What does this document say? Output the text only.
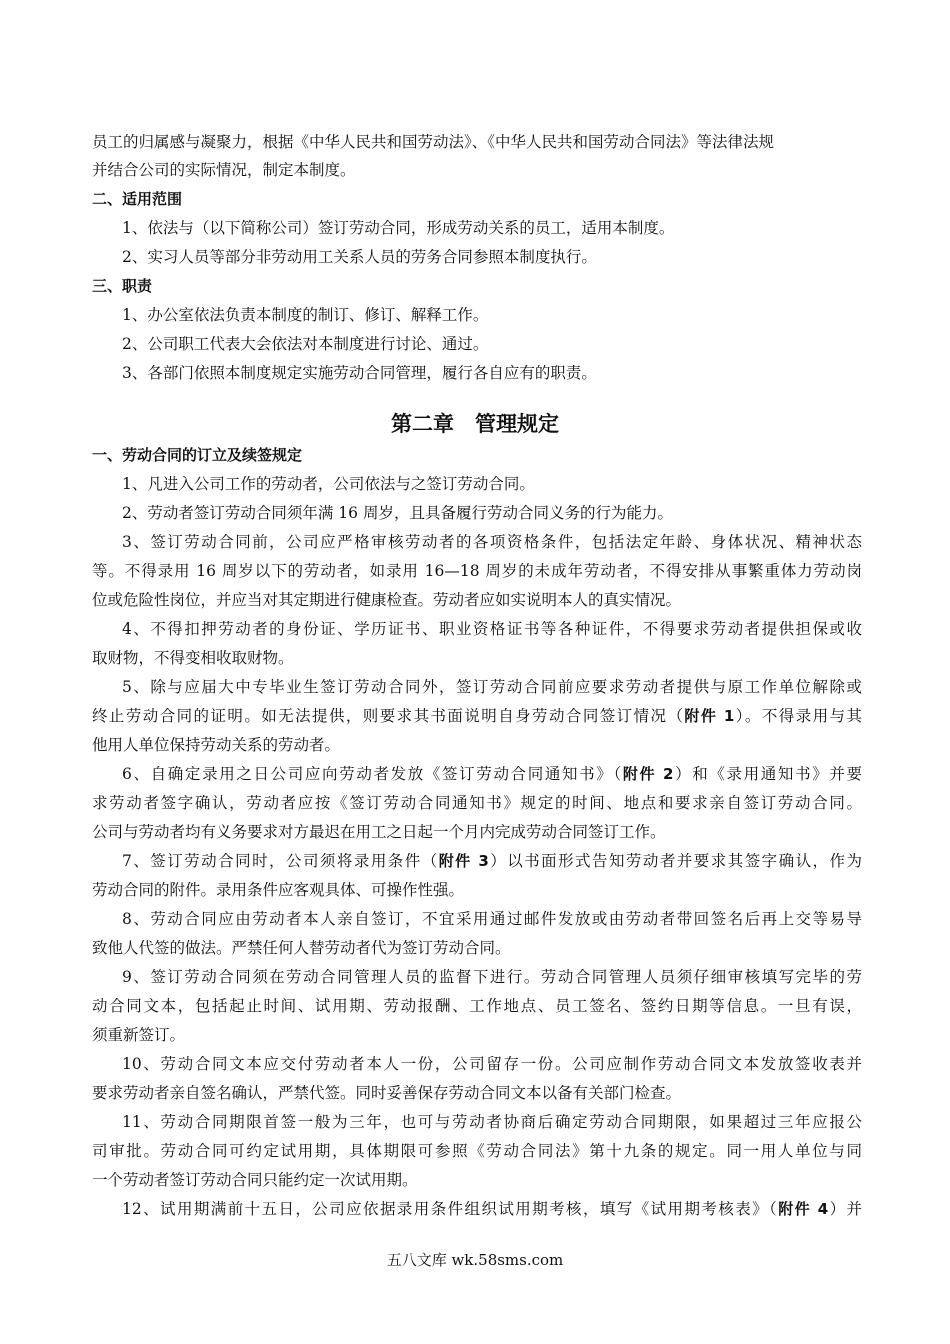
员工的归属感与凝聚力，根据《中华人民共和国劳动法》、《中华人民共和国劳动合同法》等法律法规
并结合公司的实际情况，制定本制度。
二、适用范围
1、依法与（以下简称公司）签订劳动合同，形成劳动关系的员工，适用本制度。
2、实习人员等部分非劳动用工关系人员的劳务合同参照本制度执行。
三、职责
1、办公室依法负责本制度的制订、修订、解释工作。
2、公司职工代表大会依法对本制度进行讨论、通过。
3、各部门依照本制度规定实施劳动合同管理，履行各自应有的职责。
第二章　管理规定
一、劳动合同的订立及续签规定
1、凡进入公司工作的劳动者，公司依法与之签订劳动合同。
2、劳动者签订劳动合同须年满 16 周岁，且具备履行劳动合同义务的行为能力。
3、签订劳动合同前，公司应严格审核劳动者的各项资格条件，包括法定年龄、身体状况、精神状态
等。不得录用 16 周岁以下的劳动者，如录用 16—18 周岁的未成年劳动者，不得安排从事繁重体力劳动岗
位或危险性岗位，并应当对其定期进行健康检查。劳动者应如实说明本人的真实情况。
4、不得扣押劳动者的身份证、学历证书、职业资格证书等各种证件，不得要求劳动者提供担保或收
取财物，不得变相收取财物。
5、除与应届大中专毕业生签订劳动合同外，签订劳动合同前应要求劳动者提供与原工作单位解除或
终止劳动合同的证明。如无法提供，则要求其书面说明自身劳动合同签订情况（附件 1）。不得录用与其
他用人单位保持劳动关系的劳动者。
6、自确定录用之日公司应向劳动者发放《签订劳动合同通知书》（附件 2）和《录用通知书》并要
求劳动者签字确认，劳动者应按《签订劳动合同通知书》规定的时间、地点和要求亲自签订劳动合同。
公司与劳动者均有义务要求对方最迟在用工之日起一个月内完成劳动合同签订工作。
7、签订劳动合同时，公司须将录用条件（附件 3）以书面形式告知劳动者并要求其签字确认，作为
劳动合同的附件。录用条件应客观具体、可操作性强。
8、劳动合同应由劳动者本人亲自签订，不宜采用通过邮件发放或由劳动者带回签名后再上交等易导
致他人代签的做法。严禁任何人替劳动者代为签订劳动合同。
9、签订劳动合同须在劳动合同管理人员的监督下进行。劳动合同管理人员须仔细审核填写完毕的劳
动合同文本，包括起止时间、试用期、劳动报酬、工作地点、员工签名、签约日期等信息。一旦有误，
须重新签订。
10、劳动合同文本应交付劳动者本人一份，公司留存一份。公司应制作劳动合同文本发放签收表并
要求劳动者亲自签名确认，严禁代签。同时妥善保存劳动合同文本以备有关部门检查。
11、劳动合同期限首签一般为三年，也可与劳动者协商后确定劳动合同期限，如果超过三年应报公
司审批。劳动合同可约定试用期，具体期限可参照《劳动合同法》第十九条的规定。同一用人单位与同
一个劳动者签订劳动合同只能约定一次试用期。
12、试用期满前十五日，公司应依据录用条件组织试用期考核，填写《试用期考核表》（附件 4）并
五八文库 wk.58sms.com
